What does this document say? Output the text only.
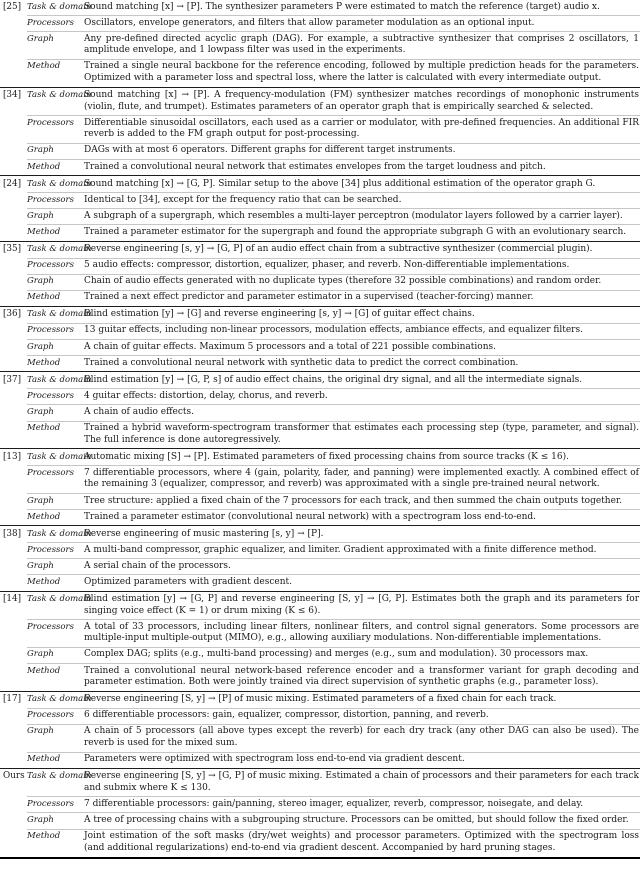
[25]	Task & domain	Sound matching [x] → [P]. The synthesizer parameters P were estimated to match the reference (target) audio x.
	Processors	Oscillators, envelope generators, and filters that allow parameter modulation as an optional input.
	Graph	Any pre-defined directed acyclic graph (DAG). For example, a subtractive synthesizer that comprises 2 oscillators, 1 amplitude envelope, and 1 lowpass filter was used in the experiments.
	Method	Trained a single neural backbone for the reference encoding, followed by multiple prediction heads for the parameters. Optimized with a parameter loss and spectral loss, where the latter is calculated with every intermediate output.
[34]	Task & domain	Sound matching [x] → [P]. A frequency-modulation (FM) synthesizer matches recordings of monophonic instruments (violin, flute, and trumpet). Estimates parameters of an operator graph that is empirically searched & selected.
	Processors	Differentiable sinusoidal oscillators, each used as a carrier or modulator, with pre-defined frequencies. An additional FIR reverb is added to the FM graph output for post-processing.
	Graph	DAGs with at most 6 operators. Different graphs for different target instruments.
	Method	Trained a convolutional neural network that estimates envelopes from the target loudness and pitch.
[24]	Task & domain	Sound matching [x] → [G, P]. Similar setup to the above [34] plus additional estimation of the operator graph G.
	Processors	Identical to [34], except for the frequency ratio that can be searched.
	Graph	A subgraph of a supergraph, which resembles a multi-layer perceptron (modulator layers followed by a carrier layer).
	Method	Trained a parameter estimator for the supergraph and found the appropriate subgraph G with an evolutionary search.
[35]	Task & domain	Reverse engineering [s, y] → [G, P] of an audio effect chain from a subtractive synthesizer (commercial plugin).
	Processors	5 audio effects: compressor, distortion, equalizer, phaser, and reverb. Non-differentiable implementations.
	Graph	Chain of audio effects generated with no duplicate types (therefore 32 possible combinations) and random order.
	Method	Trained a next effect predictor and parameter estimator in a supervised (teacher-forcing) manner.
[36]	Task & domain	Blind estimation [y] → [G] and reverse engineering [s, y] → [G] of guitar effect chains.
	Processors	13 guitar effects, including non-linear processors, modulation effects, ambiance effects, and equalizer filters.
	Graph	A chain of guitar effects. Maximum 5 processors and a total of 221 possible combinations.
	Method	Trained a convolutional neural network with synthetic data to predict the correct combination.
[37]	Task & domain	Blind estimation [y] → [G, P, s] of audio effect chains, the original dry signal, and all the intermediate signals.
	Processors	4 guitar effects: distortion, delay, chorus, and reverb.
	Graph	A chain of audio effects.
	Method	Trained a hybrid waveform-spectrogram transformer that estimates each processing step (type, parameter, and signal). The full inference is done autoregressively.
[13]	Task & domain	Automatic mixing [S] → [P]. Estimated parameters of fixed processing chains from source tracks (K ≤ 16).
	Processors	7 differentiable processors, where 4 (gain, polarity, fader, and panning) were implemented exactly. A combined effect of the remaining 3 (equalizer, compressor, and reverb) was approximated with a single pre-trained neural network.
	Graph	Tree structure: applied a fixed chain of the 7 processors for each track, and then summed the chain outputs together.
	Method	Trained a parameter estimator (convolutional neural network) with a spectrogram loss end-to-end.
[38]	Task & domain	Reverse engineering of music mastering [s, y] → [P].
	Processors	A multi-band compressor, graphic equalizer, and limiter. Gradient approximated with a finite difference method.
	Graph	A serial chain of the processors.
	Method	Optimized parameters with gradient descent.
[14]	Task & domain	Blind estimation [y] → [G, P] and reverse engineering [S, y] → [G, P]. Estimates both the graph and its parameters for singing voice effect (K = 1) or drum mixing (K ≤ 6).
	Processors	A total of 33 processors, including linear filters, nonlinear filters, and control signal generators. Some processors are multiple-input multiple-output (MIMO), e.g., allowing auxiliary modulations. Non-differentiable implementations.
	Graph	Complex DAG; splits (e.g., multi-band processing) and merges (e.g., sum and modulation). 30 processors max.
	Method	Trained a convolutional neural network-based reference encoder and a transformer variant for graph decoding and parameter estimation. Both were jointly trained via direct supervision of synthetic graphs (e.g., parameter loss).
[17]	Task & domain	Reverse engineering [S, y] → [P] of music mixing. Estimated parameters of a fixed chain for each track.
	Processors	6 differentiable processors: gain, equalizer, compressor, distortion, panning, and reverb.
	Graph	A chain of 5 processors (all above types except the reverb) for each dry track (any other DAG can also be used). The reverb is used for the mixed sum.
	Method	Parameters were optimized with spectrogram loss end-to-end via gradient descent.
Ours	Task & domain	Reverse engineering [S, y] → [G, P] of music mixing. Estimated a chain of processors and their parameters for each track and submix where K ≤ 130.
	Processors	7 differentiable processors: gain/panning, stereo imager, equalizer, reverb, compressor, noisegate, and delay.
	Graph	A tree of processing chains with a subgrouping structure. Processors can be omitted, but should follow the fixed order.
	Method	Joint estimation of the soft masks (dry/wet weights) and processor parameters. Optimized with the spectrogram loss (and additional regularizations) end-to-end via gradient descent. Accompanied by hard pruning stages.
